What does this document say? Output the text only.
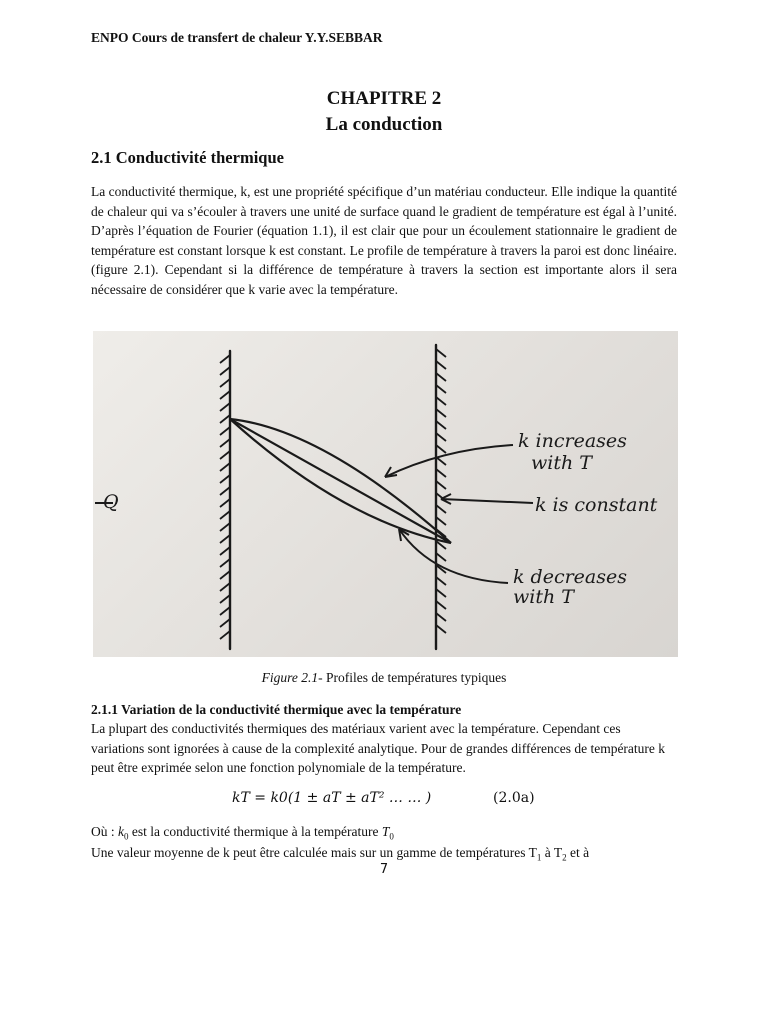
ENPO Cours de transfert de chaleur Y.Y.SEBBAR
CHAPITRE 2
La conduction
2.1 Conductivité thermique

La conductivité thermique, k, est une propriété spécifique d’un matériau conducteur. Elle indique la quantité de chaleur qui va s’écouler à travers une unité de surface quand le gradient de température est égal à l’unité. D’après l’équation de Fourier (équation 1.1), il est clair que pour un écoulement stationnaire le gradient de température est constant lorsque k est constant. Le profile de température à travers la paroi est donc linéaire. (figure 2.1). Cependant si la différence de température à travers la section est importante alors il sera nécessaire de considérer que k varie avec la température.

Q
k increases
with T
k is constant
k decreases
with T
Figure 2.1- Profiles de températures typiques
2.1.1 Variation de la conductivité thermique avec la température

La plupart des conductivités thermiques des matériaux varient avec la température. Cependant ces variations sont ignorées à cause de la complexité analytique. Pour de grandes différences de température k peut être exprimée selon une fonction polynomiale de la température.

kT = k0(1 ± aT ± aT² … … )	(2.0a)
Où : $k_0$ est la conductivité thermique à la température $T_0$
Une valeur moyenne de k peut être calculée mais sur un gamme de températures $T_1$ à $T_2$ et à
7
